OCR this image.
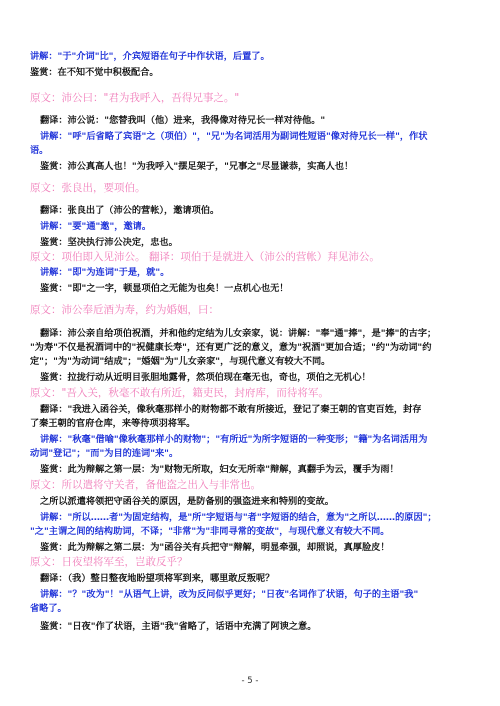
讲解："于"介词"比"，介宾短语在句子中作状语，后置了。
鉴赏：在不知不觉中积极配合。
原文：沛公曰："君为我呼入，吾得兄事之。"
翻译：沛公说："您替我叫（他）进来，我得像对待兄长一样对待他。"
讲解："呼"后省略了宾语"之（项伯）"，"兄"为名词活用为副词性短语"像对待兄长一样"，作状
语。
鉴赏：沛公真高人也！"为我呼入"摆足架子，"兄事之"尽显谦恭，实高人也！
原文：张良出，要项伯。
翻译：张良出了（沛公的营帐），邀请项伯。
讲解："要"通"邀"，邀请。
鉴赏：坚决执行沛公决定，忠也。
原文：项伯即入见沛公。 翻译：项伯于是就进入（沛公的营帐）拜见沛公。
讲解："即"为连词"于是，就"。
鉴赏："即"之一字，顿显项伯之无能为也矣！一点机心也无！
原文：沛公奉卮酒为寿，约为婚姻，曰：
翻译：沛公亲自给项伯祝酒，并和他约定结为儿女亲家，说：讲解："奉"通"捧"，是"捧"的古字；
"为寿"不仅是祝酒词中的"祝健康长寿"，还有更广泛的意义，意为"祝酒"更加合适；"约"为动词"约
定"；"为"为动词"结成"；"婚姻"为"儿女亲家"，与现代意义有较大不同。
鉴赏：拉拢行动从近明目张胆地露骨，然项伯现在毫无也，奇也，项伯之无机心！
原文："吾入关，秋毫不敢有所近，籍吏民，封府库，而待将军。
翻译："我进入函谷关，像秋毫那样小的财物都不敢有所接近，登记了秦王朝的官吏百姓，封存
了秦王朝的官府仓库，来等待项羽将军。
讲解："秋毫"借喻"像秋毫那样小的财物"；"有所近"为所字短语的一种变形；"籍"为名词活用为
动词"登记"；"而"为目的连词"来"。
鉴赏：此为辩解之第一层：为"财物无所取，妇女无所幸"辩解，真翻手为云，覆手为雨！
原文：所以遣将守关者，备他盗之出入与非常也。
之所以派遣将领把守函谷关的原因，是防备别的强盗进来和特别的变故。
讲解："所以……者"为固定结构，是"所"字短语与"者"字短语的结合，意为"之所以……的原因"；
"之"主谓之间的结构助词，不译；"非常"为"非同寻常的变故"，与现代意义有较大不同。
鉴赏：此为辩解之第二层：为"函谷关有兵把守"辩解，明显牵强，却照说，真厚脸皮！
原文：日夜望将军至，岂敢反乎？
翻译：（我）整日整夜地盼望项将军到来，哪里敢反叛呢？
讲解："？"改为"！"从语气上讲，改为反问似乎更好；"日夜"名词作了状语，句子的主语"我"
省略了。
鉴赏："日夜"作了状语，主语"我"省略了，话语中充满了阿谀之意。
- 5 -
